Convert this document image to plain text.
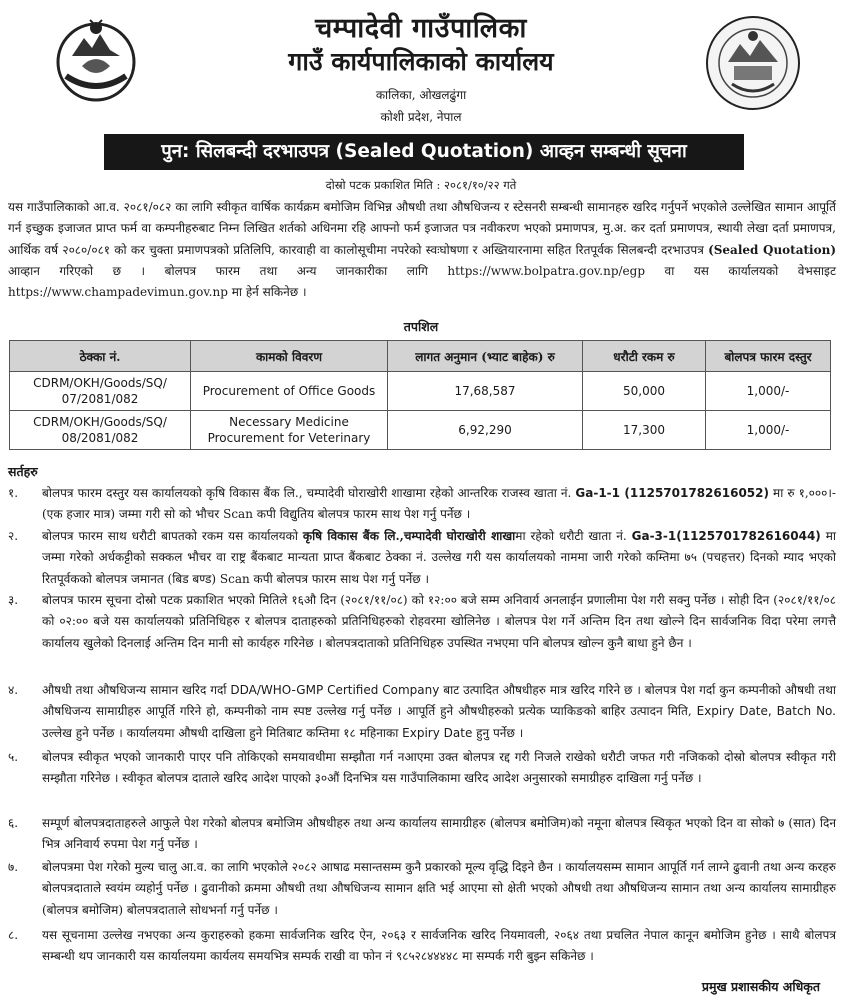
चम्पादेवी गाउँपालिका
गाउँ कार्यपालिकाको कार्यालय
कालिका, ओखलढुंगा
कोशी प्रदेश, नेपाल
पुन: सिलबन्दी दरभाउपत्र (Sealed Quotation) आव्हन सम्बन्धी सूचना
दोस्रो पटक प्रकाशित मिति : २०८१/१०/२२ गते
यस गाउँपालिकाको आ.व. २०८१/०८२ का लागि स्वीकृत वार्षिक कार्यक्रम बमोजिम विभिन्न औषधी तथा औषधिजन्य र स्टेसनरी सम्बन्धी सामानहरु खरिद गर्नुपर्ने भएकोले उल्लेखित सामान आपूर्ति गर्न इच्छुक इजाजत प्राप्त फर्म वा कम्पनीहरुबाट निम्न लिखित शर्तको अधिनमा रहि आफ्नो फर्म इजाजत पत्र नवीकरण भएको प्रमाणपत्र, मु.अ. कर दर्ता प्रमाणपत्र, स्थायी लेखा दर्ता प्रमाणपत्र, आर्थिक वर्ष २०८०/०८१ को कर चुक्ता प्रमाणपत्रको प्रतिलिपि, कारवाही वा कालोसूचीमा नपरेको स्वःघोषणा र अख्तियारनामा सहित रितपूर्वक सिलबन्दी दरभाउपत्र (Sealed Quotation) आव्हान गरिएको छ । बोलपत्र फारम तथा अन्य जानकारीका लागि https://www.bolpatra.gov.np/egp वा यस कार्यालयको वेभसाइट https://www.champadevimun.gov.np मा हेर्न सकिनेछ ।
तपशिल
ठेक्का नं.	कामको विवरण	लागत अनुमान (भ्याट बाहेक) रु	धरौटी रकम रु	बोलपत्र फारम दस्तुर
CDRM/OKH/Goods/SQ/ 07/2081/082	Procurement of Office Goods	17,68,587	50,000	1,000/-
CDRM/OKH/Goods/SQ/ 08/2081/082	Necessary Medicine Procurement for Veterinary	6,92,290	17,300	1,000/-
सर्तहरु
१.	बोलपत्र फारम दस्तुर यस कार्यालयको कृषि विकास बैंक लि., चम्पादेवी घोराखोरी शाखामा रहेको आन्तरिक राजस्व खाता नं. Ga-1-1 (1125701782616052) मा रु १,०००।- (एक हजार मात्र) जम्मा गरी सो को भौचर Scan कपी विद्युतिय बोलपत्र फारम साथ पेश गर्नु पर्नेछ ।
२.	बोलपत्र फारम साथ धरौटी बापतको रकम यस कार्यालयको कृषि विकास बैंक लि.,चम्पादेवी घोराखोरी शाखामा रहेको धरौटी खाता नं. Ga-3-1(1125701782616044) मा जम्मा गरेको अर्धकट्टीको सक्कल भौचर वा राष्ट्र बैंकबाट मान्यता प्राप्त बैंकबाट ठेक्का नं. उल्लेख गरी यस कार्यालयको नाममा जारी गरेको कम्तिमा ७५ (पचहत्तर) दिनको म्याद भएको रितपूर्वकको बोलपत्र जमानत (बिड बण्ड) Scan कपी बोलपत्र फारम साथ पेश गर्नु पर्नेछ ।
३.	बोलपत्र फारम सूचना दोस्रो पटक प्रकाशित भएको मितिले १६औ दिन (२०८१/११/०८) को १२:०० बजे सम्म अनिवार्य अनलाईन प्रणालीमा पेश गरी सक्नु पर्नेछ । सोही दिन (२०८१/११/०८ को ०२:०० बजे यस कार्यालयको प्रतिनिधिहरु र बोलपत्र दाताहरुको प्रतिनिधिहरुको रोहवरमा खोलिनेछ । बोलपत्र पेश गर्ने अन्तिम दिन तथा खोल्ने दिन सार्वजनिक विदा परेमा लगत्तै कार्यालय खुलेको दिनलाई अन्तिम दिन मानी सो कार्यहरु गरिनेछ । बोलपत्रदाताको प्रतिनिधिहरु उपस्थित नभएमा पनि बोलपत्र खोल्न कुनै बाधा हुने छैन ।
४.	औषधी तथा औषधिजन्य सामान खरिद गर्दा DDA/WHO-GMP Certified Company बाट उत्पादित औषधीहरु मात्र खरिद गरिने छ । बोलपत्र पेश गर्दा कुन कम्पनीको औषधी तथा औषधिजन्य सामाग्रीहरु आपूर्ति गरिने हो, कम्पनीको नाम स्पष्ट उल्लेख गर्नु पर्नेछ । आपूर्ति हुने औषधीहरुको प्रत्येक प्याकिङको बाहिर उत्पादन मिति, Expiry Date, Batch No. उल्लेख हुने पर्नेछ । कार्यालयमा औषधी दाखिला हुने मितिबाट कम्तिमा १८ महिनाका Expiry Date हुनु पर्नेछ ।
५.	बोलपत्र स्वीकृत भएको जानकारी पाएर पनि तोकिएको समयावधीमा सम्झौता गर्न नआएमा उक्त बोलपत्र रद्द गरी निजले राखेको धरौटी जफत गरी नजिकको दोस्रो बोलपत्र स्वीकृत गरी सम्झौता गरिनेछ । स्वीकृत बोलपत्र दाताले खरिद आदेश पाएको ३०औं दिनभित्र यस गाउँपालिकामा खरिद आदेश अनुसारको समाग्रीहरु दाखिला गर्नु पर्नेछ ।
६.	सम्पूर्ण बोलपत्रदाताहरुले आफुले पेश गरेको बोलपत्र बमोजिम औषधीहरु तथा अन्य कार्यालय सामाग्रीहरु (बोलपत्र बमोजिम)को नमूना बोलपत्र स्विकृत भएको दिन वा सोको ७ (सात) दिन भित्र अनिवार्य रुपमा पेश गर्नु पर्नेछ ।
७.	बोलपत्रमा पेश गरेको मुल्य चालु आ.व. का लागि भएकोले २०८२ आषाढ मसान्तसम्म कुनै प्रकारको मूल्य वृद्धि दिइने छैन । कार्यालयसम्म सामान आपूर्ति गर्न लाग्ने ढुवानी तथा अन्य करहरु बोलपत्रदाताले स्वयंम व्यहोर्नु पर्नेछ । ढुवानीको क्रममा औषधी तथा औषधिजन्य सामान क्षति भई आएमा सो क्षेती भएको औषधी तथा औषधिजन्य सामान तथा अन्य कार्यालय सामाग्रीहरु (बोलपत्र बमोजिम) बोलपत्रदाताले सोधभर्ना गर्नु पर्नेछ ।
८.	यस सूचनामा उल्लेख नभएका अन्य कुराहरुको हकमा सार्वजनिक खरिद ऐन, २०६३ र सार्वजनिक खरिद नियमावली, २०६४ तथा प्रचलित नेपाल कानून बमोजिम हुनेछ । साथै बोलपत्र सम्बन्धी थप जानकारी यस कार्यालयमा कार्यलय समयभित्र सम्पर्क राखी वा फोन नं ९८५२८४४४४८ मा सम्पर्क गरी बुझ्न सकिनेछ ।
प्रमुख प्रशासकीय अधिकृत
